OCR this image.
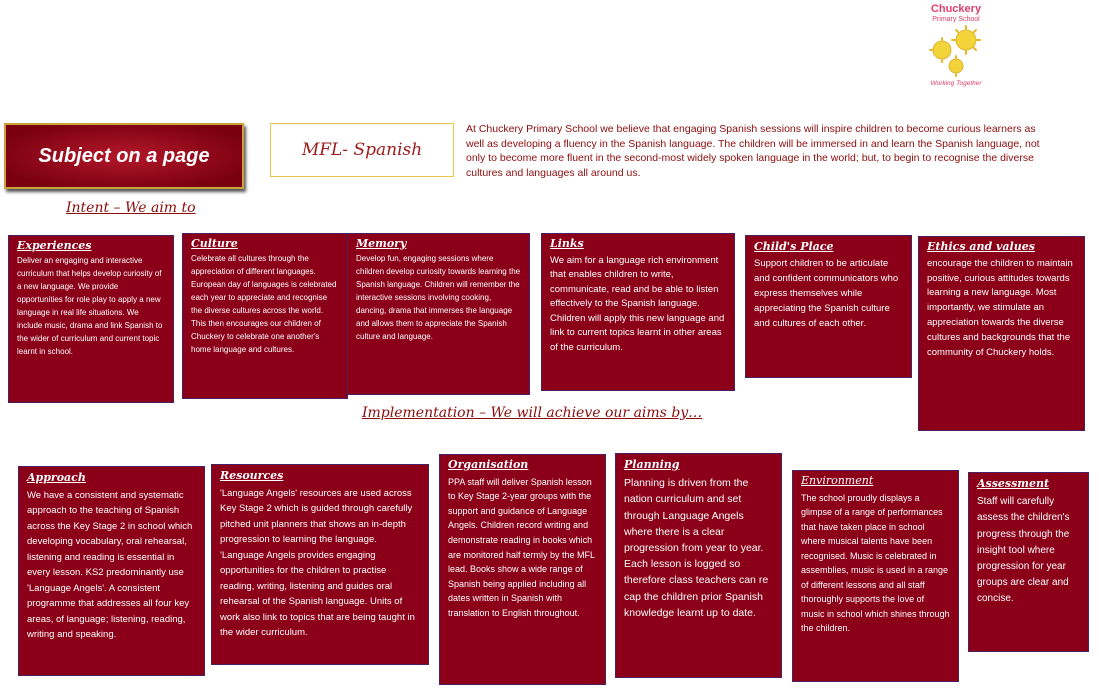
Chuckery
Primary School
Working Together
Subject on a page	MFL- Spanish
At Chuckery Primary School we believe that engaging Spanish sessions will inspire children to become curious learners as well as developing a fluency in the Spanish language. The children will be immersed in and learn the Spanish language, not only to become more fluent in the second-most widely spoken language in the world; but, to begin to recognise the diverse cultures and languages all around us.
Intent – We aim to
Experiences
Deliver an engaging and interactive curriculum that helps develop curiosity of a new language. We provide opportunities for role play to apply a new language in real life situations. We include music, drama and link Spanish to the wider of curriculum and current topic learnt in school.
Culture
Celebrate all cultures through the appreciation of different languages. European day of languages is celebrated each year to appreciate and recognise the diverse cultures across the world. This then encourages our children of Chuckery to celebrate one another's home language and cultures.
Memory
Develop fun, engaging sessions where children develop curiosity towards learning the Spanish language. Children will remember the interactive sessions involving cooking, dancing, drama that immerses the language and allows them to appreciate the Spanish culture and language.
Links
We aim for a language rich environment that enables children to write, communicate, read and be able to listen effectively to the Spanish language. Children will apply this new language and link to current topics learnt in other areas of the curriculum.
Child's Place
Support children to be articulate and confident communicators who express themselves while appreciating the Spanish culture and cultures of each other.
Ethics and values
encourage the children to maintain positive, curious attitudes towards learning a new language. Most importantly, we stimulate an appreciation towards the diverse cultures and backgrounds that the community of Chuckery holds.
Implementation – We will achieve our aims by…
Approach
We have a consistent and systematic approach to the teaching of Spanish across the Key Stage 2 in school which developing vocabulary, oral rehearsal, listening and reading is essential in every lesson. KS2 predominantly use 'Language Angels'. A consistent programme that addresses all four key areas, of language; listening, reading, writing and speaking.
Resources
'Language Angels' resources are used across Key Stage 2 which is guided through carefully pitched unit planners that shows an in-depth progression to learning the language. 'Language Angels provides engaging opportunities for the children to practise reading, writing, listening and guides oral rehearsal of the Spanish language. Units of work also link to topics that are being taught in the wider curriculum.
Organisation
PPA staff will deliver Spanish lesson to Key Stage 2-year groups with the support and guidance of Language Angels. Children record writing and demonstrate reading in books which are monitored half termly by the MFL lead. Books show a wide range of Spanish being applied including all dates written in Spanish with translation to English throughout.
Planning
Planning is driven from the nation curriculum and set through Language Angels where there is a clear progression from year to year. Each lesson is logged so therefore class teachers can re cap the children prior Spanish knowledge learnt up to date.
Environment
The school proudly displays a glimpse of a range of performances that have taken place in school where musical talents have been recognised. Music is celebrated in assemblies, music is used in a range of different lessons and all staff thoroughly supports the love of music in school which shines through the children.
Assessment
Staff will carefully assess the children's progress through the insight tool where progression for year groups are clear and concise.
